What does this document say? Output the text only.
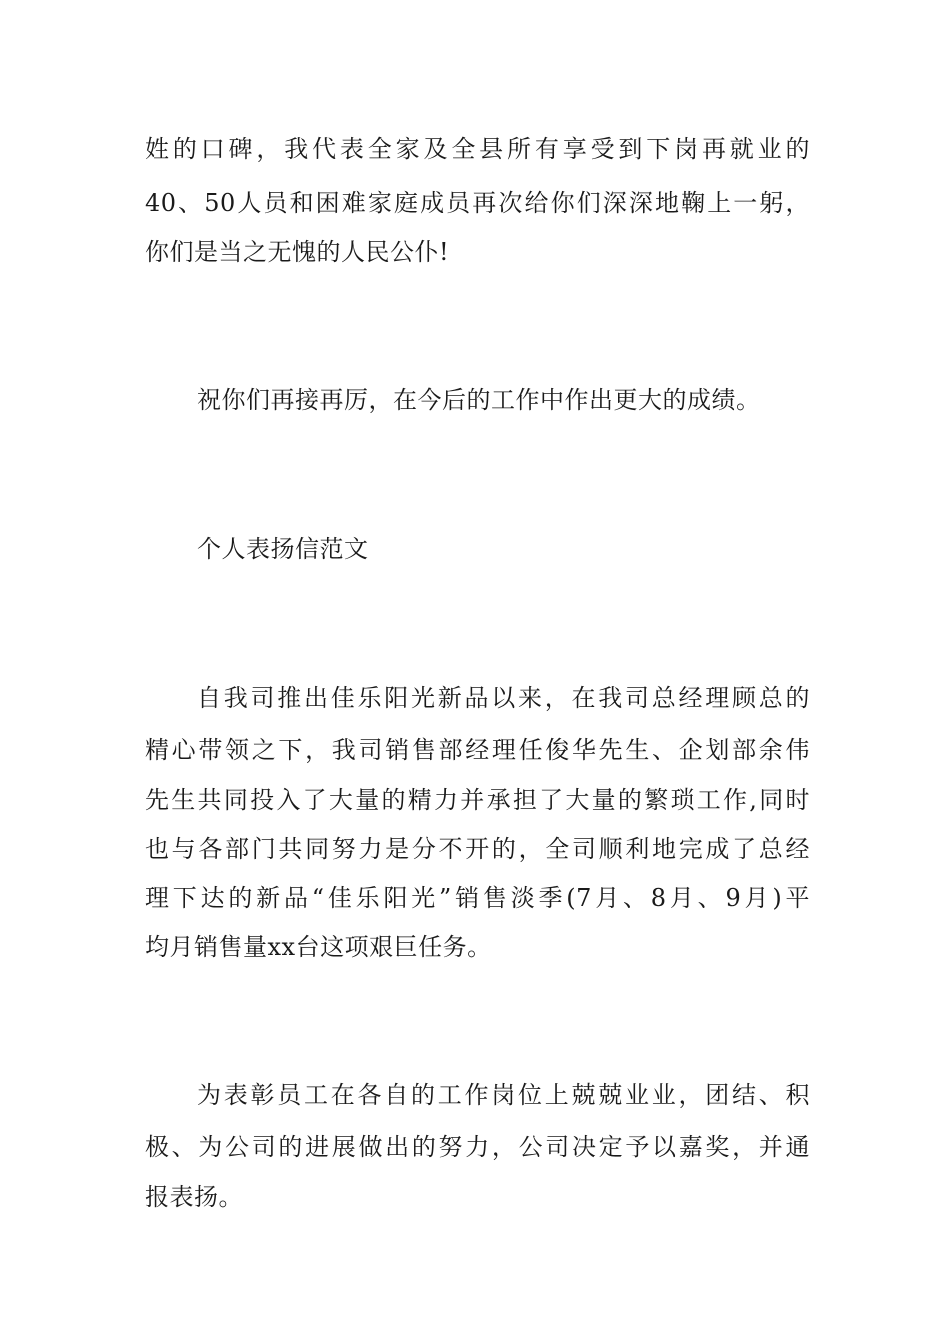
姓的口碑，我代表全家及全县所有享受到下岗再就业的
40、50人员和困难家庭成员再次给你们深深地鞠上一躬，
你们是当之无愧的人民公仆!
祝你们再接再厉，在今后的工作中作出更大的成绩。
个人表扬信范文
自我司推出佳乐阳光新品以来，在我司总经理顾总的
精心带领之下，我司销售部经理任俊华先生、企划部余伟
先生共同投入了大量的精力并承担了大量的繁琐工作,同时
也与各部门共同努力是分不开的，全司顺利地完成了总经
理下达的新品“佳乐阳光”销售淡季(7月、8月、9月)平
均月销售量xx台这项艰巨任务。
为表彰员工在各自的工作岗位上兢兢业业，团结、积
极、为公司的进展做出的努力，公司决定予以嘉奖，并通
报表扬。
